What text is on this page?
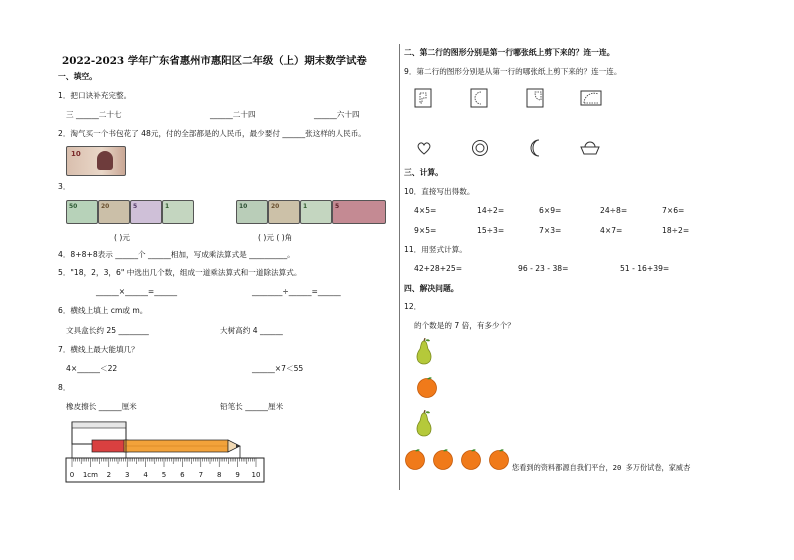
2022-2023 学年广东省惠州市惠阳区二年级（上）期末数学试卷
一、填空。
1．把口诀补充完整。
三 ______二十七	______二十四	______六十四
2．淘气买一个书包花了 48元，付的全部都是的人民币，最少要付 ______张这样的人民币。
10
3．
50	20	5	1	10	20	1	5
( )元	( )元 ( )角
4．8+8+8表示 ______个 ______相加，写成乘法算式是 __________。
5．"18，2，3，6" 中选出几个数，组成一道乘法算式和一道除法算式。
______×______=______	________÷______=______
6．横线上填上 cm或 m。
文具盒长约 25 ________	大树高约 4 ______
7．横线上最大能填几？
4×______＜22	______×7＜55
8．
橡皮擦长 ______厘米	铅笔长 ______厘米
0 1cm 2 3 4 5 6 7 8 9 10
二、第二行的图形分别是第一行哪张纸上剪下来的？连一连。
9．第二行的图形分别是从第一行的哪张纸上剪下来的？连一连。
三、计算。
10．直接写出得数。
4×5=	14÷2=	6×9=	24÷8=	7×6=
9×5=	15÷3=	7×3=	4×7=	18÷2=
11．用竖式计算。
42+28+25=	96 - 23 - 38=	51 - 16+39=
四、解决问题。
12．
的个数是的 7 倍，有多少个？
您看到的资料都源自我们平台，20 多万份试卷，家威杏
